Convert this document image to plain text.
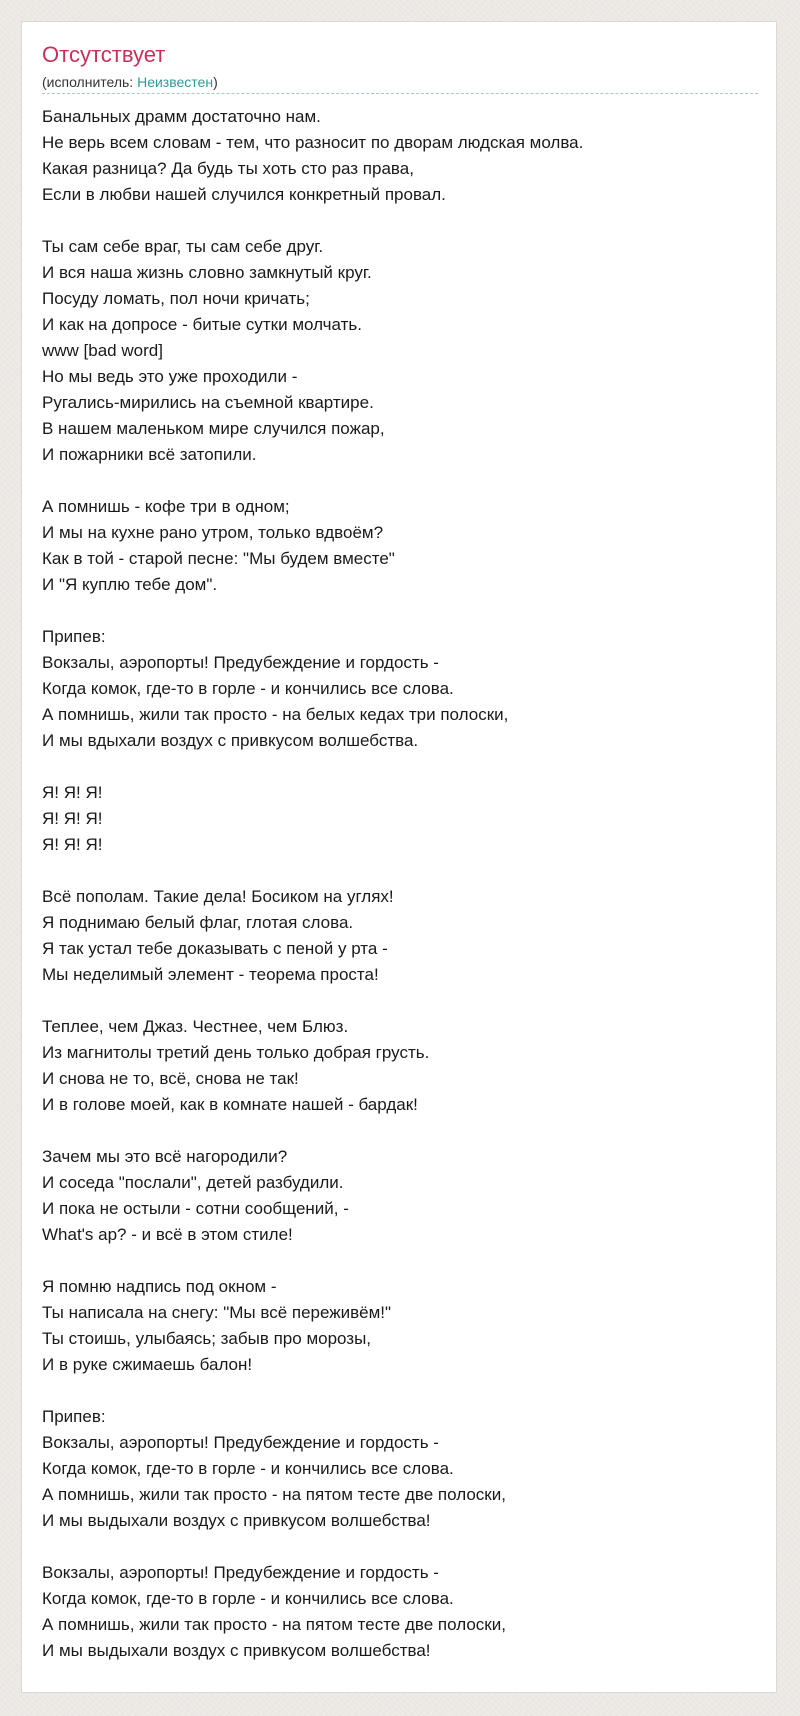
Отсутствует
(исполнитель: Неизвестен)
Банальных драмм достаточно нам.
Не верь всем словам - тем, что разносит по дворам людская молва.
Какая разница? Да будь ты хоть сто раз права,
Если в любви нашей случился конкретный провал.
Ты сам себе враг, ты сам себе друг.
И вся наша жизнь словно замкнутый круг.
Посуду ломать, пол ночи кричать;
И как на допросе - битые сутки молчать.
www [bad word]
Но мы ведь это уже проходили -
Ругались-мирились на съемной квартире.
В нашем маленьком мире случился пожар,
И пожарники всё затопили.
А помнишь - кофе три в одном;
И мы на кухне рано утром, только вдвоём?
Как в той - старой песне: "Мы будем вместе"
И "Я куплю тебе дом".
Припев:
Вокзалы, аэропорты! Предубеждение и гордость -
Когда комок, где-то в горле - и кончились все слова.
А помнишь, жили так просто - на белых кедах три полоски,
И мы вдыхали воздух с привкусом волшебства.
Я! Я! Я!
Я! Я! Я!
Я! Я! Я!
Всё пополам. Такие дела! Босиком на углях!
Я поднимаю белый флаг, глотая слова.
Я так устал тебе доказывать с пеной у рта -
Мы неделимый элемент - теорема проста!
Теплее, чем Джаз. Честнее, чем Блюз.
Из магнитолы третий день только добрая грусть.
И снова не то, всё, снова не так!
И в голове моей, как в комнате нашей - бардак!
Зачем мы это всё нагородили?
И соседа "послали", детей разбудили.
И пока не остыли - сотни сообщений, -
What's ap? - и всё в этом стиле!
Я помню надпись под окном -
Ты написала на снегу: "Мы всё переживём!"
Ты стоишь, улыбаясь; забыв про морозы,
И в руке сжимаешь балон!
Припев:
Вокзалы, аэропорты! Предубеждение и гордость -
Когда комок, где-то в горле - и кончились все слова.
А помнишь, жили так просто - на пятом тесте две полоски,
И мы выдыхали воздух с привкусом волшебства!
Вокзалы, аэропорты! Предубеждение и гордость -
Когда комок, где-то в горле - и кончились все слова.
А помнишь, жили так просто - на пятом тесте две полоски,
И мы выдыхали воздух с привкусом волшебства!
